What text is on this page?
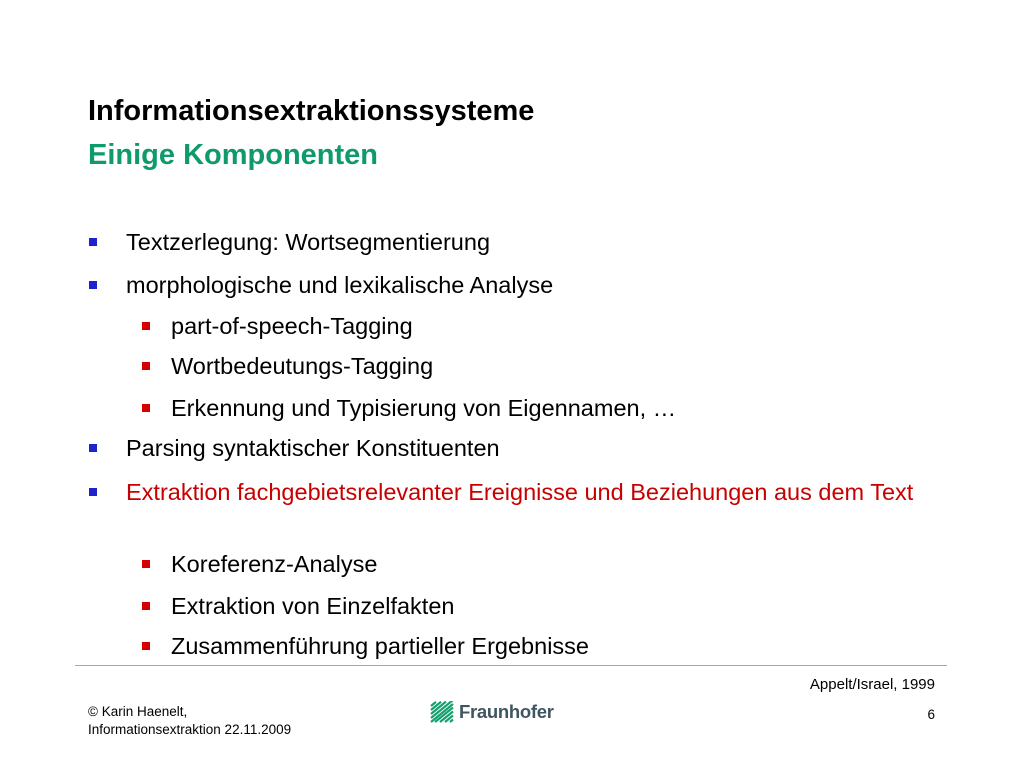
Informationsextraktionssysteme
Einige Komponenten
Textzerlegung: Wortsegmentierung
morphologische und lexikalische Analyse
part-of-speech-Tagging
Wortbedeutungs-Tagging
Erkennung und Typisierung von Eigennamen, …
Parsing syntaktischer Konstituenten
Extraktion fachgebietsrelevanter Ereignisse und Beziehungen aus dem Text
Koreferenz-Analyse
Extraktion von Einzelfakten
Zusammenführung partieller Ergebnisse
Appelt/Israel, 1999
© Karin Haenelt,
Informationsextraktion 22.11.2009
Fraunhofer	6
